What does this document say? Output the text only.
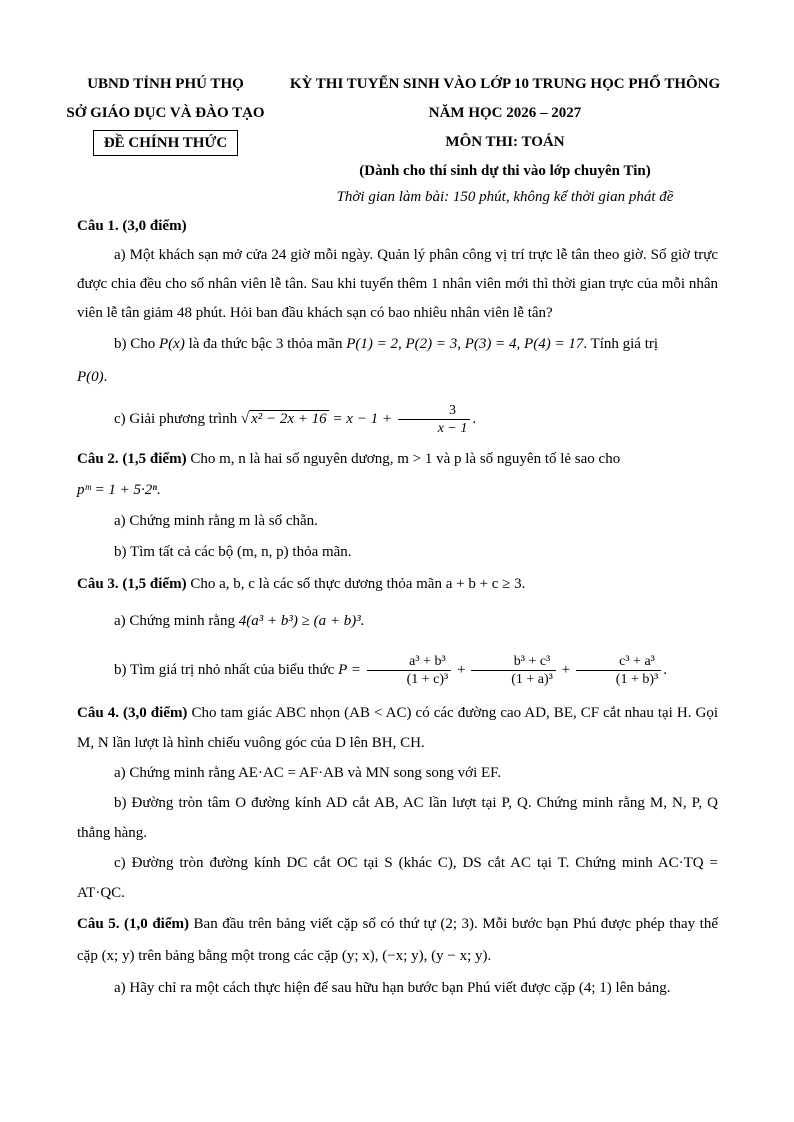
UBND TỈNH PHÚ THỌ
SỞ GIÁO DỤC VÀ ĐÀO TẠO
ĐỀ CHÍNH THỨC
KỲ THI TUYỂN SINH VÀO LỚP 10 TRUNG HỌC PHỔ THÔNG
NĂM HỌC 2026 – 2027
MÔN THI: TOÁN
(Dành cho thí sinh dự thi vào lớp chuyên Tin)
Thời gian làm bài: 150 phút, không kể thời gian phát đề
Câu 1. (3,0 điểm)
a) Một khách sạn mở cửa 24 giờ mỗi ngày. Quản lý phân công vị trí trực lễ tân theo giờ. Số giờ trực được chia đều cho số nhân viên lễ tân. Sau khi tuyển thêm 1 nhân viên mới thì thời gian trực của mỗi nhân viên lễ tân giảm 48 phút. Hỏi ban đầu khách sạn có bao nhiêu nhân viên lễ tân?
b) Cho P(x) là đa thức bậc 3 thỏa mãn P(1) = 2, P(2) = 3, P(3) = 4, P(4) = 17. Tính giá trị
P(0).
c) Giải phương trình √ $x^2 - 2x + 16 = x - 1 + \frac{3}{x - 1}$ .
Câu 2. (1,5 điểm) Cho m, n là hai số nguyên dương, m > 1 và p là số nguyên tố lẻ sao cho
pᵐ = 1 + 5·2ⁿ.
a) Chứng minh rằng m là số chẵn.
b) Tìm tất cả các bộ (m, n, p) thỏa mãn.
Câu 3. (1,5 điểm) Cho a, b, c là các số thực dương thỏa mãn a + b + c ≥ 3.
a) Chứng minh rằng 4(a³ + b³) ≥ (a + b)³.
b) Tìm giá trị nhỏ nhất của biểu thức $P = \frac{\text{a³ + b³}}{\text{(1 + c)³}} + \frac{\text{b³ + c³}}{\text{(1 + a)³}} + \frac{\text{c³ + a³}}{\text{(1 + b)³}}$ .
Câu 4. (3,0 điểm) Cho tam giác ABC nhọn (AB < AC) có các đường cao AD, BE, CF cắt nhau tại H. Gọi M, N lần lượt là hình chiếu vuông góc của D lên BH, CH.
a) Chứng minh rằng AE·AC = AF·AB và MN song song với EF.
b) Đường tròn tâm O đường kính AD cắt AB, AC lần lượt tại P, Q. Chứng minh rằng M, N, P, Q thẳng hàng.
c) Đường tròn đường kính DC cắt OC tại S (khác C), DS cắt AC tại T. Chứng minh AC·TQ = AT·QC.
Câu 5. (1,0 điểm) Ban đầu trên bảng viết cặp số có thứ tự (2; 3). Mỗi bước bạn Phú được phép thay thế cặp (x; y) trên bảng bằng một trong các cặp (y; x), (−x; y), (y − x; y).
a) Hãy chỉ ra một cách thực hiện để sau hữu hạn bước bạn Phú viết được cặp (4; 1) lên bảng.
